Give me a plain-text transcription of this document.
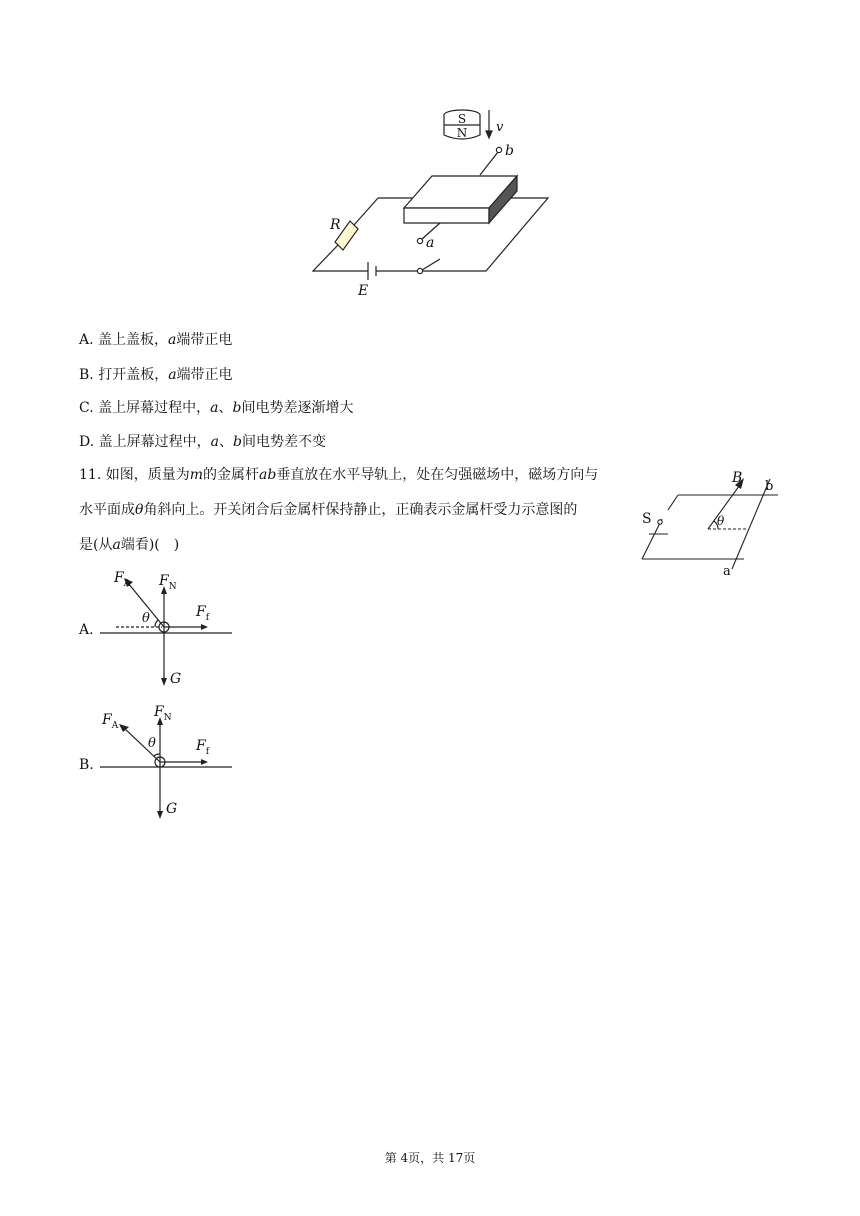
S
N v
b
a
R
E
A. 盖上盖板，a端带正电
B. 打开盖板，a端带正电
C. 盖上屏幕过程中，a、b间电势差逐渐增大
D. 盖上屏幕过程中，a、b间电势差不变
11. 如图，质量为m的金属杆ab垂直放在水平导轨上，处在匀强磁场中，磁场方向与
水平面成θ角斜向上。开关闭合后金属杆保持静止，正确表示金属杆受力示意图的
是(从a端看)( )
S
B
b
a
θ
A.
$F_A$ $F_N$
$F_f$
G
θ
B.
$F_A$
$F_N$
$F_f$
G
θ
第 4页，共 17页
